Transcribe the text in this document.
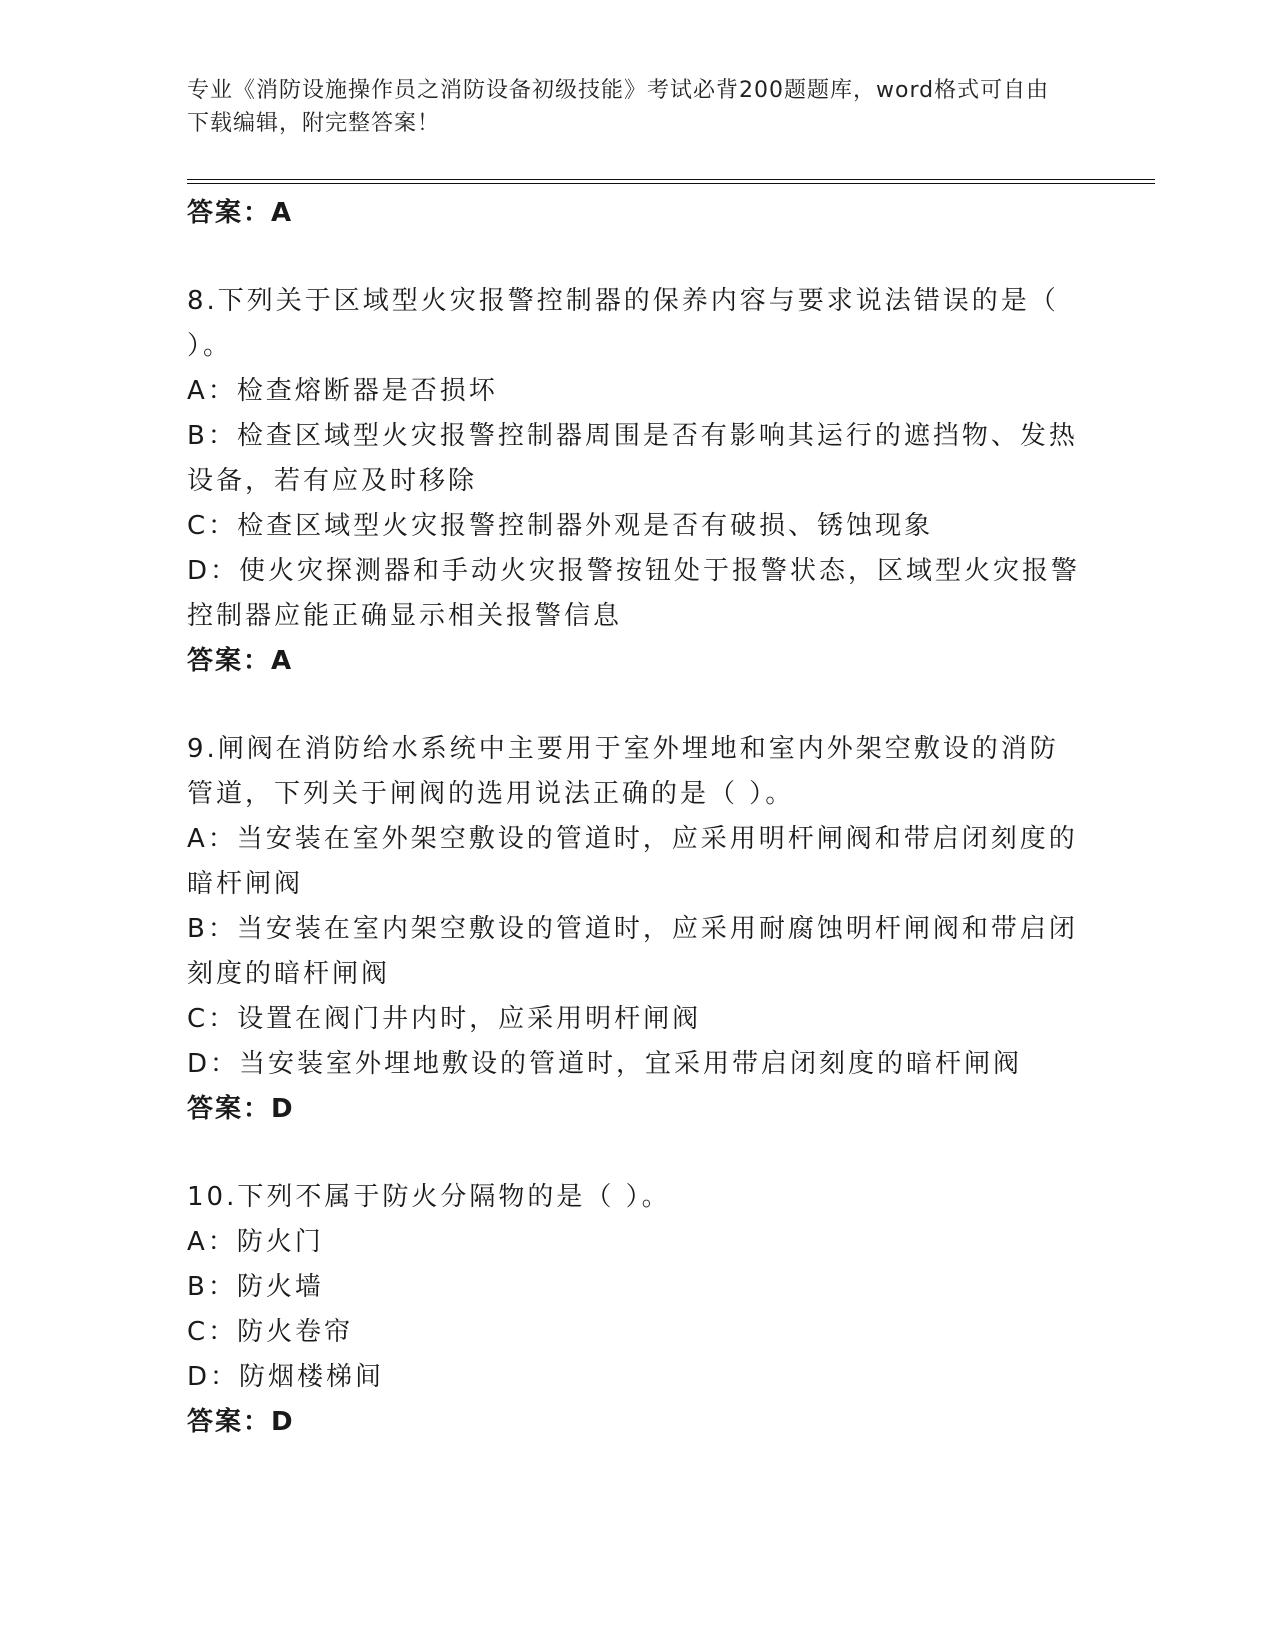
专业《消防设施操作员之消防设备初级技能》考试必背200题题库，word格式可自由下载编辑，附完整答案！
答案：A
8.下列关于区域型火灾报警控制器的保养内容与要求说法错误的是（ ）。
A：检查熔断器是否损坏
B：检查区域型火灾报警控制器周围是否有影响其运行的遮挡物、发热设备，若有应及时移除
C：检查区域型火灾报警控制器外观是否有破损、锈蚀现象
D：使火灾探测器和手动火灾报警按钮处于报警状态，区域型火灾报警控制器应能正确显示相关报警信息
答案：A
9.闸阀在消防给水系统中主要用于室外埋地和室内外架空敷设的消防管道，下列关于闸阀的选用说法正确的是（ ）。
A：当安装在室外架空敷设的管道时，应采用明杆闸阀和带启闭刻度的暗杆闸阀
B：当安装在室内架空敷设的管道时，应采用耐腐蚀明杆闸阀和带启闭刻度的暗杆闸阀
C：设置在阀门井内时，应采用明杆闸阀
D：当安装室外埋地敷设的管道时，宜采用带启闭刻度的暗杆闸阀
答案：D
10.下列不属于防火分隔物的是（ ）。
A：防火门
B：防火墙
C：防火卷帘
D：防烟楼梯间
答案：D
